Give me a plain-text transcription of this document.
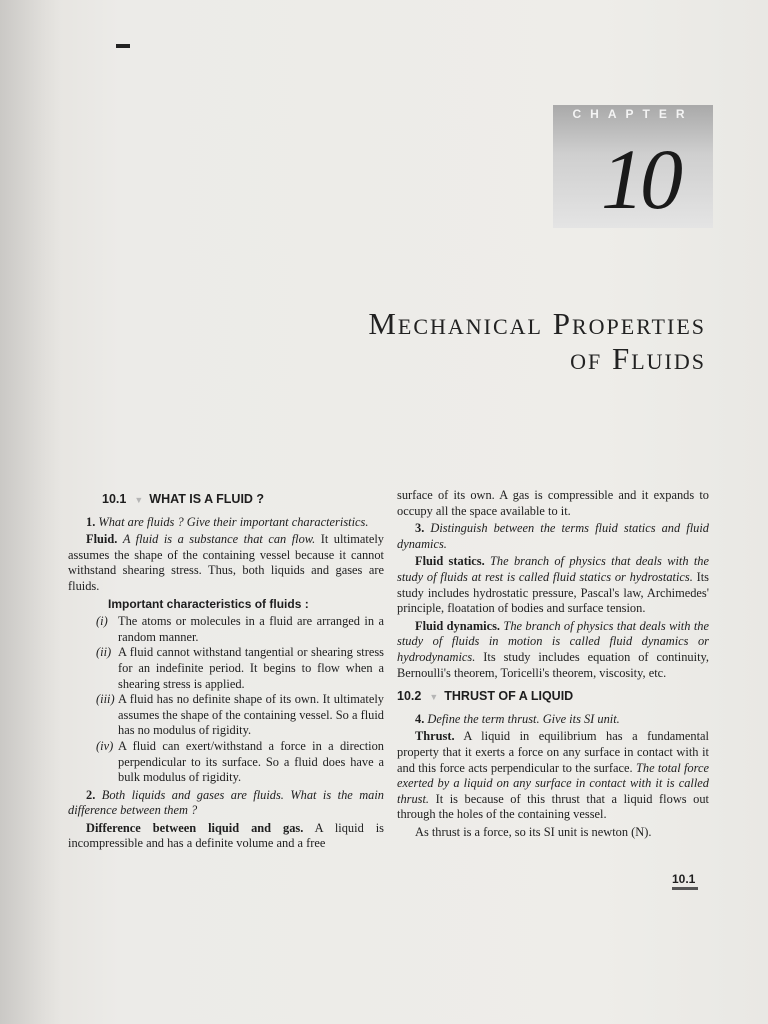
CHAPTER
10
Mechanical Properties
of Fluids
10.1 ▼ WHAT IS A FLUID ?

1. What are fluids ? Give their important characteristics.

Fluid. A fluid is a substance that can flow. It ultimately assumes the shape of the containing vessel because it cannot withstand shearing stress. Thus, both liquids and gases are fluids.

Important characteristics of fluids :
(i) The atoms or molecules in a fluid are arranged in a random manner.
(ii) A fluid cannot withstand tangential or shearing stress for an indefinite period. It begins to flow when a shearing stress is applied.
(iii) A fluid has no definite shape of its own. It ultimately assumes the shape of the containing vessel. So a fluid has no modulus of rigidity.
(iv) A fluid can exert/withstand a force in a direction perpendicular to its surface. So a fluid does have a bulk modulus of rigidity.

2. Both liquids and gases are fluids. What is the main difference between them ?

Difference between liquid and gas. A liquid is incompressible and has a definite volume and a free

surface of its own. A gas is compressible and it expands to occupy all the space available to it.

3. Distinguish between the terms fluid statics and fluid dynamics.

Fluid statics. The branch of physics that deals with the study of fluids at rest is called fluid statics or hydrostatics. Its study includes hydrostatic pressure, Pascal's law, Archimedes' principle, floatation of bodies and surface tension.

Fluid dynamics. The branch of physics that deals with the study of fluids in motion is called fluid dynamics or hydrodynamics. Its study includes equation of continuity, Bernoulli's theorem, Toricelli's theorem, viscosity, etc.

10.2 ▼ THRUST OF A LIQUID

4. Define the term thrust. Give its SI unit.

Thrust. A liquid in equilibrium has a fundamental property that it exerts a force on any surface in contact with it and this force acts perpendicular to the surface. The total force exerted by a liquid on any surface in contact with it is called thrust. It is because of this thrust that a liquid flows out through the holes of the containing vessel.

As thrust is a force, so its SI unit is newton (N).

10.1
